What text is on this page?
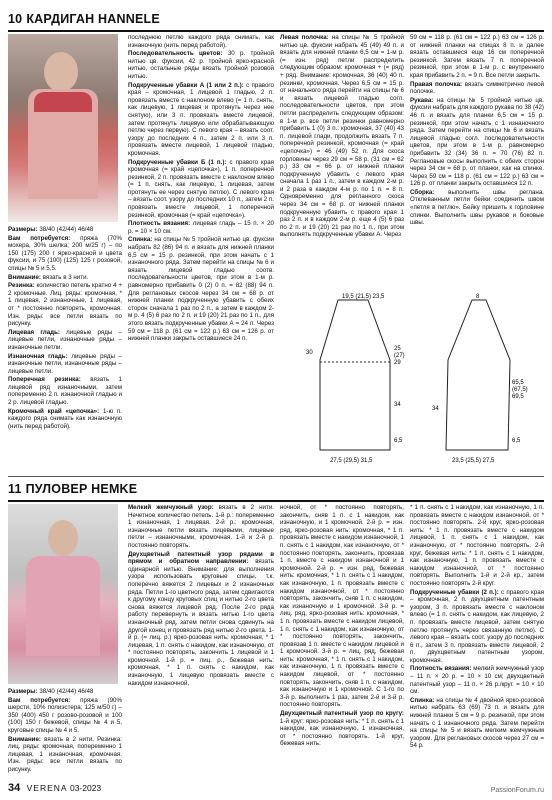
10 КАРДИГАН HANNELE

Размеры: 38/40 (42/44) 46/48

Вам потребуется: пряжа (70% мохера, 30% шелка; 200 м/25 г) – по 150 (175) 200 г ярко-красной и цвета фуксии, и 75 (100) (125) 125 г розовой, спицы № 5 и 5,5.

Внимание: вязать в 3 нити.

Резинка: количество петель кратно 4 + 2 кромочные. Лиц. ряды: кромочная, * 1 лицевая, 2 изнаночные, 1 лицевая, от * постоянно повторять, кромочная. Изн. ряды: все петли вязать по рисунку.

Лицевая гладь: лицевые ряды – лицевые петли, изнаночные ряды – изнаночные петли.

Изнаночная гладь: лицевые ряды – изнаночные петли, изнаночные ряды – лицевые петли.

Поперечная резинка: вязать 1 лицевой ряд изнаночными, затем попеременно 2 п. изнаночной гладью и 2 р. лицевой гладью.

Кромочный край «цепочка»: 1-ю п. каждого ряда снимать как изнаночную (нить перед работой).

последнюю петлю каждого ряда снимать, как изнаночную (нить перед работой).

Последовательность цветов: 30 р. тройной нитью цв. фуксии, 42 р. тройной ярко-красной нитью, остальные ряды вязать тройной розовой нитью.

Подкрученные убавки А (1 или 2 п.): с правого края – кромочная, 1 лицевой 1 гладью, 2 п. провязать вместе с наклоном влево (= 1 п. снять, как лицевую, 1 лицевая и протянуть через нее снятую), или 3 п. провязать вместе лицевой, затем протянуть лицевую или обрабатывающую петлю через первую). С левого края – вязать соот. узору до последних 4 п., затем 2 п. или 3 п. провязать вместе лицевой, 1 лицевой гладью, кромочная.

Подкрученные убавки Б (1 п.): с правого края кромочная (= край «цепочка»), 1 п. поперечной резинкой, 2 п. провязать вместе с наклоном влево (= 1 п. снять, как лицевую, 1 лицевая, затем протянуть ее через снятую петлю). С левого края – вязать соот. узору до последних 10 п., затем 2 п. провязать вместе лицевой, 1 поперечной резинкой, кромочная (= край «цепочка»).

Плотность вязания: лицевая гладь – 15 п. × 20 р. = 10 × 10 см.

Спинка: на спицы № 5 тройной нитью цв. фуксии набрать 82 (86) 94 п. и вязать для нижней планки 6,5 см = 15 р. резинкой, при этом начать с 1 изнаночного ряда. Затем перейти на спицы № 6 и вязать лицевой гладью соотв. последовательности цветов, при этом в 1-м р. равномерно прибавить 0 (2) 0 п. = 82 (88) 94 п. Для реглановых скосов через 34 см = 68 р. от нижней планки подкрученную убавить с обеих сторон сначала 1 раз по 2 п., а затем в каждом 2-м р. 4 (5) 6 раз по 2 п. и 19 (20) 21 раз по 1 п., для этого вязать подкрученные убавки А = 24 п. Через 59 см = 118 р. (61 см = 122 р.) 63 см = 126 р. от нижней планки закрыть оставшиеся 24 п.

Левая полочка: на спицы № 5 тройной нитью цв. фуксии набрать 45 (49) 49 п. и вязать для нижней планки 6,5 см = 1-м р. (= изн. ряд) петли распределить следующим образом: кромочная + (= ряд) + ряд. Внимание: кромочная, 36 (40) 40 п. резинки, кромочная. Через 6,5 см = 15 р. от начального ряда перейти на спицы № 6 и вязать лицевой гладью согл. последовательности цветов, при этом петли распределить следующим образом: в 1-м р. все петли резинки равномерно прибавить 1 (0) 3 п.: кромочная, 37 (40) 43 п. лицевой глади, продолжить вязать 7 п. поперечной резинкой, кромочная (= край «цепочка») = 46 (49) 52 п. Для скоса горловины через 29 см = 58 р. (31 см = 62 р.) 33 см = 66 р. от нижней планки подкрученную убавить с левого края сначала 1 раз 1 п., затем в каждом 2-м р. и 2 раза в каждом 4-м р. по 1 п. = 8 п. Одновременно для регланного скоса через 34 см = 68 р. от нижней планки подкрученную убавить с правого края 1 раз 2 п. и в каждом 2-м р. еще 4 (5) 6 раз по 2 п. и 19 (20) 21 раз по 1 п., при этом выполнять подкрученные убавки А. Через

59 см = 118 р. (61 см = 122 р.) 63 см = 126 р. от нижней планки на спицах 8 п. и далее вязать оставшиеся еще 16 см поперечной резинкой. Затем вязать 7 п. поперечной резинкой, при этом в 1-м р. с внутреннего края прибавить 2 п. = 9 п. Все петли закрыть.

Правая полочка: вязать симметрично левой полочке.

Рукава: на спицы № 5 тройной нитью цв. фуксии набрать для каждого рукава по 38 (42) 46 п. и вязать для планки 6,5 см = 15 р. резинкой, при этом начать с 1 изнаночного ряда. Затем перейти на спицы № 6 и вязать лицевой гладью согл. последовательности цветов, при этом в 1-м р. равномерно прибавить 32 (34) 36 п. = 70 (76) 82 п. Реглановые скосы выполнить с обеих сторон через 34 см = 68 р. от планки, как на спинке. Через 59 см = 118 р. (61 см = 122 р.) 63 см = 126 р. от планки закрыть оставшиеся 12 п.

Сборка: выполнить швы реглана. Отклеванным петли бейки соединить швом «петля в петлю». Бейку пришить к горловине спинки. Выполнить швы рукавов и боковые швы.

19,5 (21,5) 23,5
30
25
(27)
29
34
6,5
27,5 (29,5) 31,5
8
65,5
(67,5)
69,5
34
6,5
23,5 (25,5) 27,5
11 ПУЛОВЕР HEMKE

Размеры: 38/40 (42/44) 46/48

Вам потребуется: пряжа (90% шерсти, 10% полиэстера; 125 м/50 г) – 350 (400) 450 г розово-розовой и 100 (100) 150 г бежевой, спицы № 4 и 5, круговые спицы № 4 и 5.

Внимание: вязать в 2 нити. Резинка: лиц. ряды: кромочная, попеременно 1 лицевая, 1 изнаночная, кромочная. Изн. ряды: все петли вязать по рисунку.

Мелкий жемчужный узор: вязать в 2 нити. Нечетное количество петель. 1-й р.: попеременно 1 изнаночная, 1 лицевая. 2-й р.: кромочная, изнаночные петли вязать лицевыми, лицевые петли – изнаночными, кромочная. 1-й и 2-й р. постоянно повторять.

Двухцветный патентный узор рядами в прямом и обратном направлении: вязать одинарной нитью. Внимание: для выполнения узора использовать круговые спицы, т.к. поперечно вяжется 2 лицевых и 2 изнаночных ряда. Петли 1-го цветного ряда, затем сдвигаются к другому концу круговых спиц и нитью 2-го цвета снова вяжется лицевой ряд. После 2-го ряда работу перевернуть и вязать нитью 1-го цвета изнаночный ряд, затем петли снова сдвинуть на другой конец и провязать ряд нитью 2-го цвета. 1-й р. (= лиц. р.) ярко-розовая нить: кромочная, * 1 лицевая, 1 п. снять с накидом, как изнаночную, от * постоянно повторять, закончить 1 лицевой и 1 кромочной. 1-й р. = лиц. р., бежевая нить: кромочная, * 1 п. снять с накидом, как изнаночную, 1 лицевую провязать вместе с накидом изнаночной,

ночной, от * постоянно повторять, закончить, сняв 1 п. с 1 накидом, как изнаночную, и 1 кромочной. 2-й р. = изн. ряд, ярко-розовая нить: кромочная, * 1 п. провязать вместе с накидом изнаночной, 1 п. снять с 1 накидом, как изнаночную, от * постоянно повторять, закончить, провязав 1 п. вместе с накидом изнаночной и 1 кромочной. 2-й р. = изн. ряд, бежевая нить: кромочная, * 1 п. снять с 1 накидом, как изнаночную, 1 п. провязать вместе с накидом изнаночной, от * постоянно повторять, закончить, сняв 1 п. с накидом, как изнаночную и 1 кромочной. 3-й р. = лиц. ряд, ярко-розовая нить: кромочная, * 1 п. провязать вместе с накидом лицевой, 1 п. снять с 1 накидом, как изнаночную, от * постоянно повторять, закончить, провязав 1 п. вместе с накидом лицевой и 1 кромочной. 3-й р. = лиц. ряд, бежевая нить: кромочная, * 1 п. снять с 1 накидом, как изнаночную, 1 п. провязать вместе с накидом лицевой, от * постоянно повторять, закончить, сняв 1 п. с накидом, как изнаночную и 1 кромочной. С 1-го по 3-й р. выполнить 1 раз, затем 2-й и 3-й р. постоянно повторять.

Двухцветный патентный узор по кругу: 1-й круг: ярко-розовая нить: * 1 п. снять с 1 накидом, как изнаночную, 1 изнаночная, от * постоянно повторять. 1-й круг, бежевая нить:

* 1 п. снять с 1 накидом, как изнаночную, 1 п. провязать вместе с накидом изнаночной, от * постоянно повторять. 2-й круг, ярко-розовая нить: * 1 п. провязать вместе с накидом лицевой, 1 п. снять с 1 накидом, как изнаночную, от * постоянно повторять. 2-й круг, бежевая нить: * 1 п. снять с 1 накидом, как изнаночную, 1 п. провязать вместе с накидом изнаночной, от * постоянно повторять. Выполнить 1-й и 2-й кр., затем постоянно повторять 2-й круг.

Подкрученные убавки (2 п.): с правого края – кромочная, 2 п. двухцветным патентным узором, 3 п. провязать вместе с наклоном влево (= 1 п. снять с накидом, как лицевую, 2 п. провязать вместе лицевой, затем снятую петлю протянуть через связанную петлю). С левого края – вязать соот. узору до последних 6 п., затем 3 п. провязать вместе лицевой, 2 п. двухцветным патентным узором, кромочная.

Плотность вязания: мелкий жемчужный узор – 11 п. × 20 р. = 10 × 10 см; двухцветный патентный узор – 11 п. × 26 р./круг. = 10 × 10 см.

Спинка: на спицы № 4 двойной ярко-розовой нитью набрать 63 (69) 73 п. и вязать для нижней планки 5 см = 9 р. резинкой, при этом начать с 1 изнаночного ряда. Затем перейти на спицы № 5 и вязать мелким жемчужным узором. Для реглановых скосов через 27 см = 54 р.

34 VERENA 03-2023	PassionForum.ru
